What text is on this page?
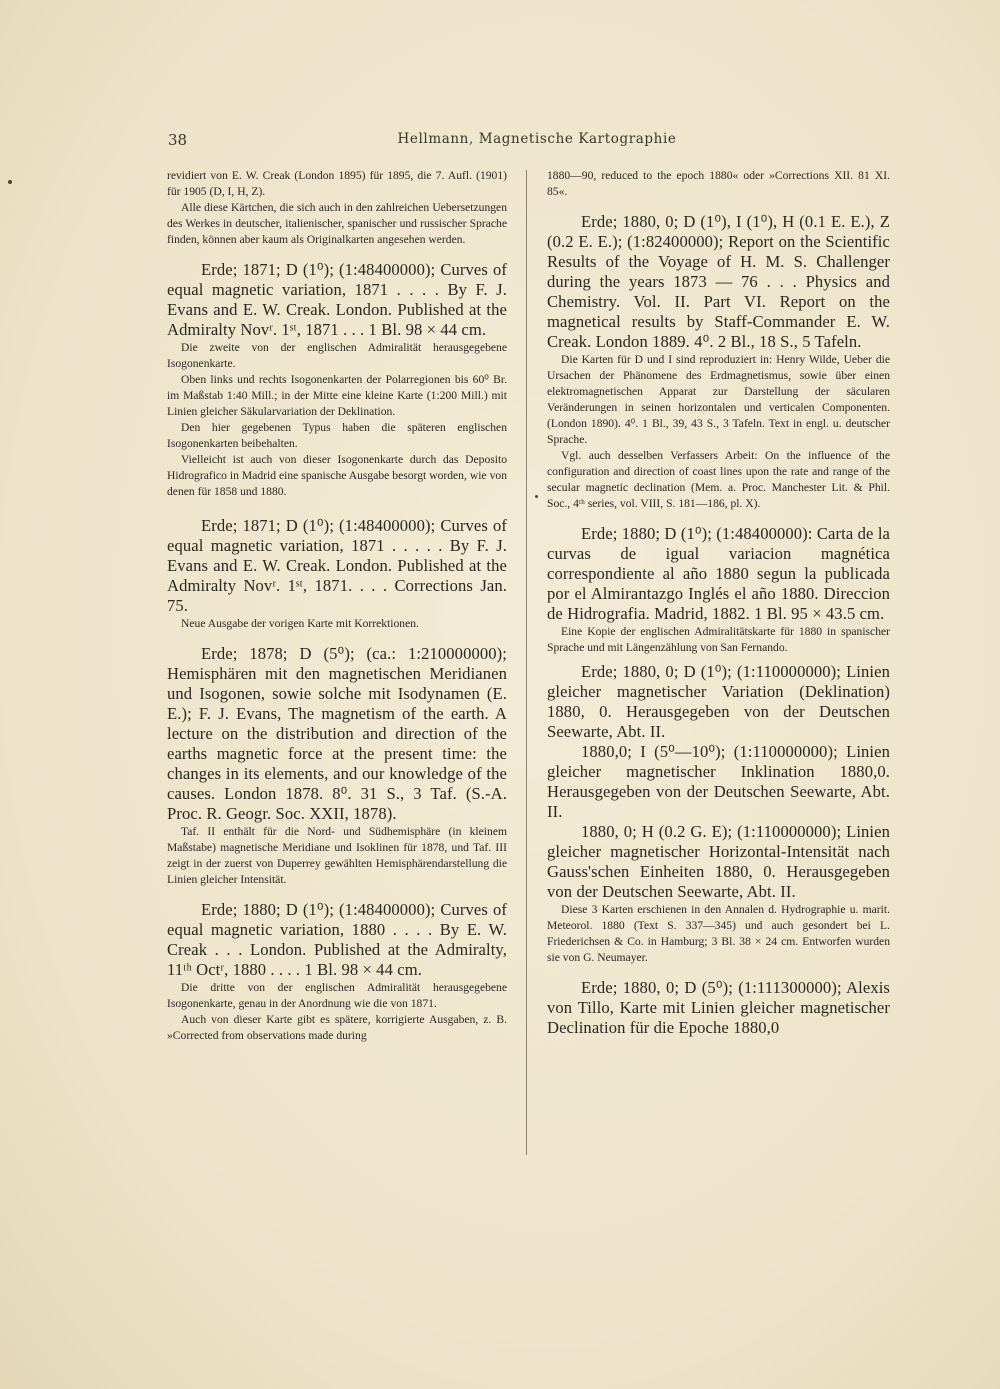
38	Hellmann, Magnetische Kartographie

revidiert von E. W. Creak (London 1895) für 1895, die 7. Aufl. (1901) für 1905 (D, I, H, Z).

Alle diese Kärtchen, die sich auch in den zahlreichen Uebersetzungen des Werkes in deutscher, italienischer, spanischer und russischer Sprache finden, können aber kaum als Originalkarten angesehen werden.

Erde; 1871; D (1⁰); (1:48400000); Curves of equal magnetic variation, 1871 . . . . By F. J. Evans and E. W. Creak. London. Published at the Admiralty Novʳ. 1ˢᵗ, 1871 . . . 1 Bl. 98 × 44 cm.

Die zweite von der englischen Admiralität herausgegebene Isogonenkarte.

Oben links und rechts Isogonenkarten der Polarregionen bis 60⁰ Br. im Maßstab 1:40 Mill.; in der Mitte eine kleine Karte (1:200 Mill.) mit Linien gleicher Säkularvariation der Deklination.

Den hier gegebenen Typus haben die späteren englischen Isogonenkarten beibehalten.

Vielleicht ist auch von dieser Isogonenkarte durch das Deposito Hidrografico in Madrid eine spanische Ausgabe besorgt worden, wie von denen für 1858 und 1880.

Erde; 1871; D (1⁰); (1:48400000); Curves of equal magnetic variation, 1871 . . . . . By F. J. Evans and E. W. Creak. London. Published at the Admiralty Novʳ. 1ˢᵗ, 1871. . . . Corrections Jan. 75.

Neue Ausgabe der vorigen Karte mit Korrektionen.

Erde; 1878; D (5⁰); (ca.: 1:210000000); Hemisphären mit den magnetischen Meridianen und Isogonen, sowie solche mit Isodynamen (E. E.); F. J. Evans, The magnetism of the earth. A lecture on the distribution and direction of the earths magnetic force at the present time: the changes in its elements, and our knowledge of the causes. London 1878. 8⁰. 31 S., 3 Taf. (S.-A. Proc. R. Geogr. Soc. XXII, 1878).

Taf. II enthält für die Nord- und Südhemisphäre (in kleinem Maßstabe) magnetische Meridiane und Isoklinen für 1878, und Taf. III zeigt in der zuerst von Duperrey gewählten Hemisphärendarstellung die Linien gleicher Intensität.

Erde; 1880; D (1⁰); (1:48400000); Curves of equal magnetic variation, 1880 . . . . By E. W. Creak . . . London. Published at the Admiralty, 11ᵗʰ Octʳ, 1880 . . . . 1 Bl. 98 × 44 cm.

Die dritte von der englischen Admiralität herausgegebene Isogonenkarte, genau in der Anordnung wie die von 1871.

Auch von dieser Karte gibt es spätere, korrigierte Ausgaben, z. B. »Corrected from observations made during

1880—90, reduced to the epoch 1880« oder »Corrections XII. 81 XI. 85«.

Erde; 1880, 0; D (1⁰), I (1⁰), H (0.1 E. E.), Z (0.2 E. E.); (1:82400000); Report on the Scientific Results of the Voyage of H. M. S. Challenger during the years 1873 — 76 . . . Physics and Chemistry. Vol. II. Part VI. Report on the magnetical results by Staff-Commander E. W. Creak. London 1889. 4⁰. 2 Bl., 18 S., 5 Tafeln.

Die Karten für D und I sind reproduziert in: Henry Wilde, Ueber die Ursachen der Phänomene des Erdmagnetismus, sowie über einen elektromagnetischen Apparat zur Darstellung der säcularen Veränderungen in seinen horizontalen und verticalen Componenten. (London 1890). 4⁰. 1 Bl., 39, 43 S., 3 Tafeln. Text in engl. u. deutscher Sprache.

Vgl. auch desselben Verfassers Arbeit: On the influence of the configuration and direction of coast lines upon the rate and range of the secular magnetic declination (Mem. a. Proc. Manchester Lit. & Phil. Soc., 4ᵗʰ series, vol. VIII, S. 181—186, pl. X).

Erde; 1880; D (1⁰); (1:48400000): Carta de la curvas de igual variacion magnética correspondiente al año 1880 segun la publicada por el Almirantazgo Inglés el año 1880. Direccion de Hidrografia. Madrid, 1882. 1 Bl. 95 × 43.5 cm.

Eine Kopie der englischen Admiralitätskarte für 1880 in spanischer Sprache und mit Längenzählung von San Fernando.

Erde; 1880, 0; D (1⁰); (1:110000000); Linien gleicher magnetischer Variation (Deklination) 1880, 0. Herausgegeben von der Deutschen Seewarte, Abt. II.

1880,0; I (5⁰—10⁰); (1:110000000); Linien gleicher magnetischer Inklination 1880,0. Herausgegeben von der Deutschen Seewarte, Abt. II.

1880, 0; H (0.2 G. E); (1:110000000); Linien gleicher magnetischer Horizontal-Intensität nach Gauss'schen Einheiten 1880, 0. Herausgegeben von der Deutschen Seewarte, Abt. II.

Diese 3 Karten erschienen in den Annalen d. Hydrographie u. marit. Meteorol. 1880 (Text S. 337—345) und auch gesondert bei L. Friederichsen & Co. in Hamburg; 3 Bl. 38 × 24 cm. Entworfen wurden sie von G. Neumayer.

Erde; 1880, 0; D (5⁰); (1:111300000); Alexis von Tillo, Karte mit Linien gleicher magnetischer Declination für die Epoche 1880,0
